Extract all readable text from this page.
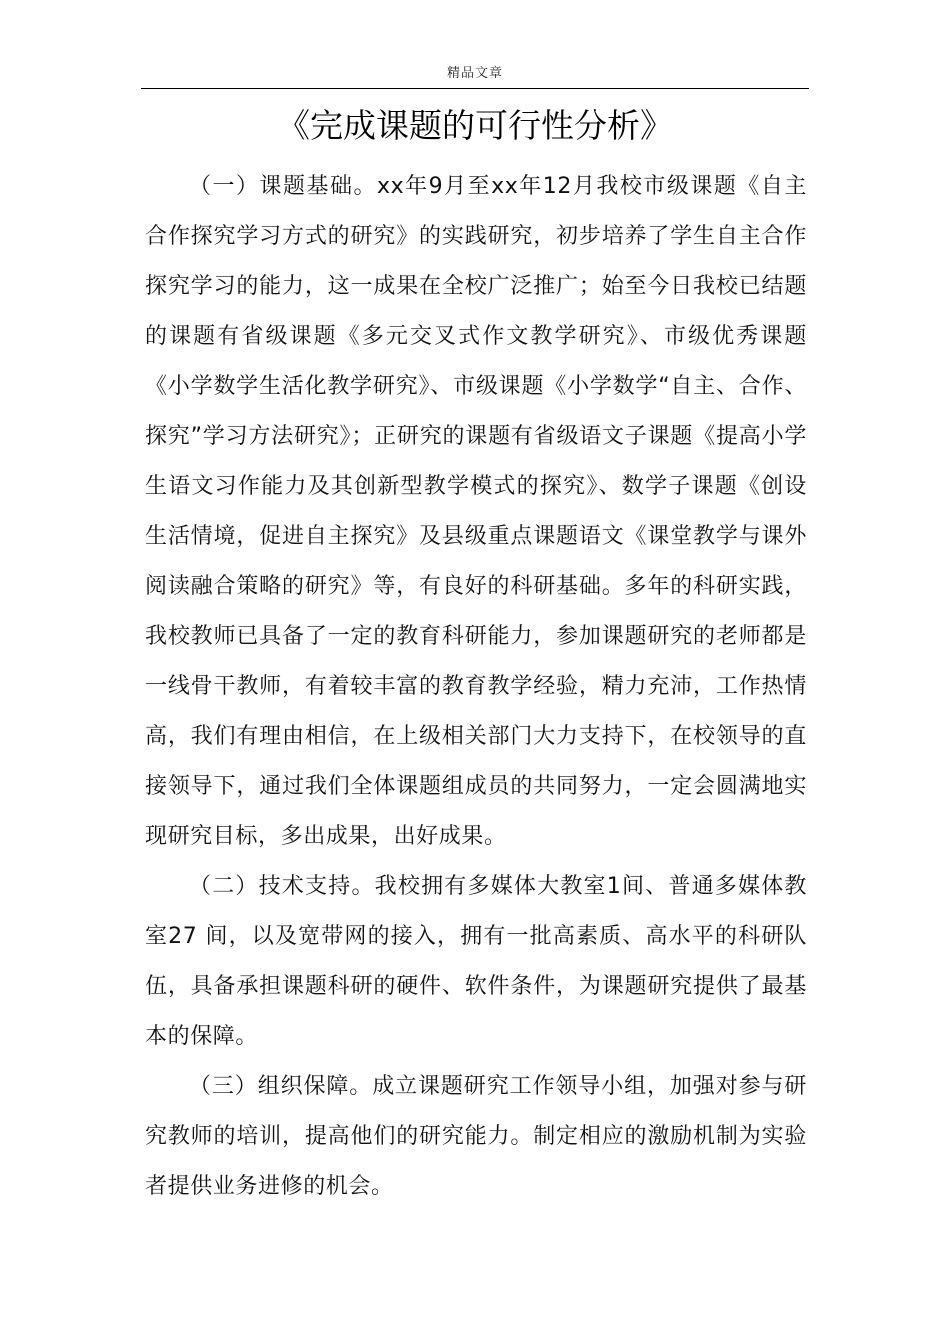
精品文章
《完成课题的可行性分析》

（一）课题基础。xx年9月至xx年12月我校市级课题《自主合作探究学习方式的研究》的实践研究，初步培养了学生自主合作探究学习的能力，这一成果在全校广泛推广；始至今日我校已结题的课题有省级课题《多元交叉式作文教学研究》、市级优秀课题《小学数学生活化教学研究》、市级课题《小学数学“自主、合作、探究”学习方法研究》；正研究的课题有省级语文子课题《提高小学生语文习作能力及其创新型教学模式的探究》、数学子课题《创设生活情境，促进自主探究》及县级重点课题语文《课堂教学与课外阅读融合策略的研究》等，有良好的科研基础。多年的科研实践，我校教师已具备了一定的教育科研能力，参加课题研究的老师都是一线骨干教师，有着较丰富的教育教学经验，精力充沛，工作热情高，我们有理由相信，在上级相关部门大力支持下，在校领导的直接领导下，通过我们全体课题组成员的共同努力，一定会圆满地实现研究目标，多出成果，出好成果。

（二）技术支持。我校拥有多媒体大教室1间、普通多媒体教室27 间，以及宽带网的接入，拥有一批高素质、高水平的科研队伍，具备承担课题科研的硬件、软件条件，为课题研究提供了最基本的保障。

（三）组织保障。成立课题研究工作领导小组，加强对参与研究教师的培训，提高他们的研究能力。制定相应的激励机制为实验者提供业务进修的机会。
